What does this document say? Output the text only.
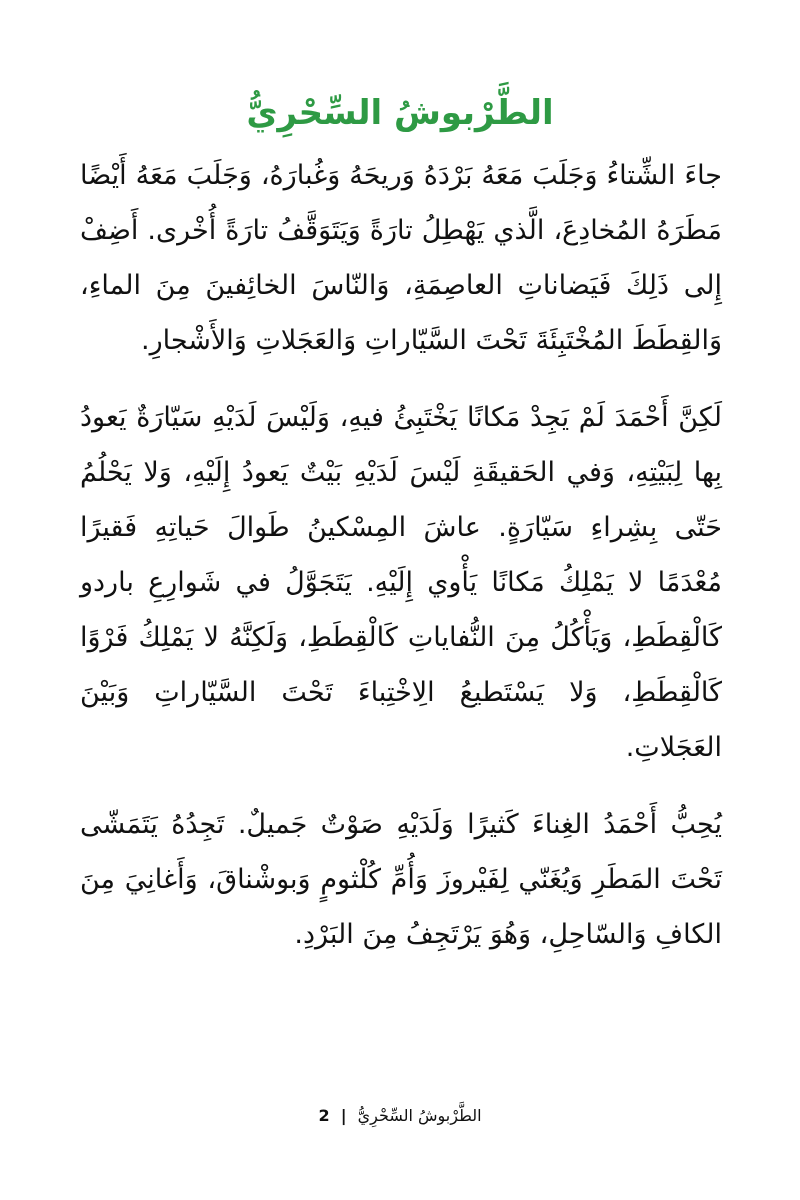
الطَّرْبوشُ السِّحْرِيُّ

جاءَ الشِّتاءُ وَجَلَبَ مَعَهُ بَرْدَهُ وَريحَهُ وَغُبارَهُ، وَجَلَبَ مَعَهُ أَيْضًا مَطَرَهُ المُخادِعَ، الَّذي يَهْطِلُ تارَةً وَيَتَوَقَّفُ تارَةً أُخْرى. أَضِفْ إِلى ذَلِكَ فَيَضاناتِ العاصِمَةِ، وَالنّاسَ الخائِفينَ مِنَ الماءِ، وَالقِطَطَ المُخْتَبِئَةَ تَحْتَ السَّيّاراتِ وَالعَجَلاتِ وَالأَشْجارِ.

لَكِنَّ أَحْمَدَ لَمْ يَجِدْ مَكانًا يَخْتَبِئُ فيهِ، وَلَيْسَ لَدَيْهِ سَيّارَةٌ يَعودُ بِها لِبَيْتِهِ، وَفي الحَقيقَةِ لَيْسَ لَدَيْهِ بَيْتٌ يَعودُ إِلَيْهِ، وَلا يَحْلُمُ حَتّى بِشِراءِ سَيّارَةٍ. عاشَ المِسْكينُ طَوالَ حَياتِهِ فَقيرًا مُعْدَمًا لا يَمْلِكُ مَكانًا يَأْوي إِلَيْهِ. يَتَجَوَّلُ في شَوارِعِ باردو كَالْقِطَطِ، وَيَأْكُلُ مِنَ النُّفاياتِ كَالْقِطَطِ، وَلَكِنَّهُ لا يَمْلِكُ فَرْوًا كَالْقِطَطِ، وَلا يَسْتَطيعُ الِاخْتِباءَ تَحْتَ السَّيّاراتِ وَبَيْنَ العَجَلاتِ.

يُحِبُّ أَحْمَدُ الغِناءَ كَثيرًا وَلَدَيْهِ صَوْتٌ جَميلٌ. تَجِدُهُ يَتَمَشّى تَحْتَ المَطَرِ وَيُغَنّي لِفَيْروزَ وَأُمِّ كُلْثومٍ وَبوشْناقَ، وَأَغانِيَ مِنَ الكافِ وَالسّاحِلِ، وَهُوَ يَرْتَجِفُ مِنَ البَرْدِ.

الطَّرْبوشُ السِّحْرِيُّ | 2
